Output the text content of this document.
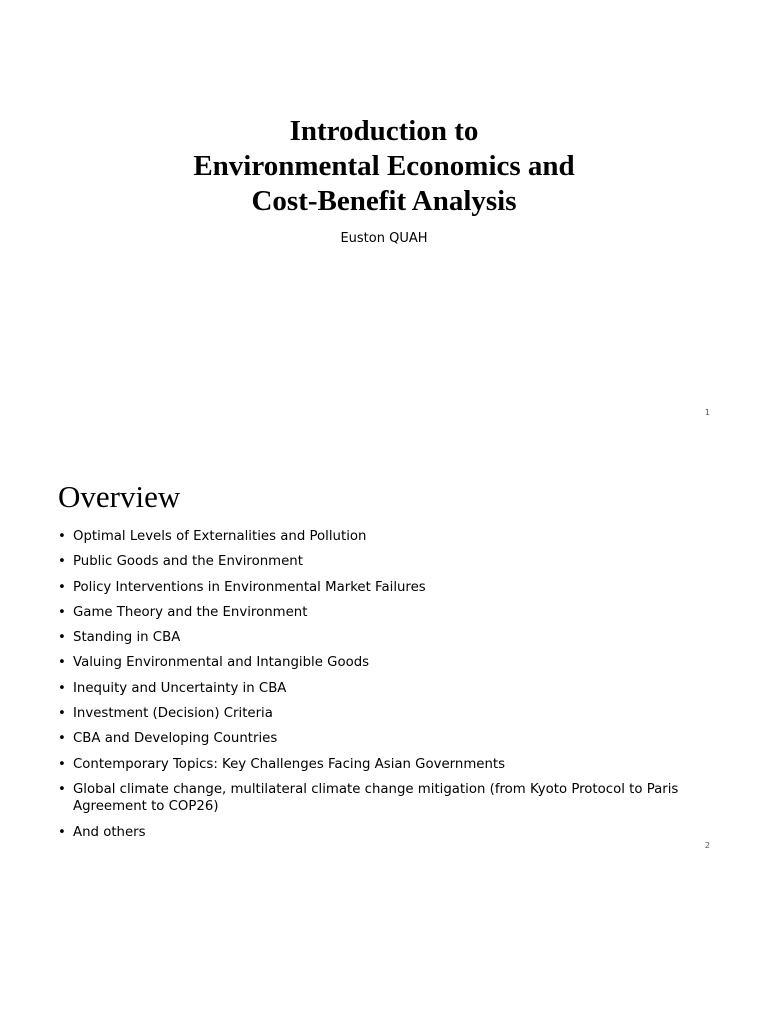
Introduction to
Environmental Economics and
Cost-Benefit Analysis
Euston QUAH
1
Overview
• Optimal Levels of Externalities and Pollution
• Public Goods and the Environment
• Policy Interventions in Environmental Market Failures
• Game Theory and the Environment
• Standing in CBA
• Valuing Environmental and Intangible Goods
• Inequity and Uncertainty in CBA
• Investment (Decision) Criteria
• CBA and Developing Countries
• Contemporary Topics: Key Challenges Facing Asian Governments
• Global climate change, multilateral climate change mitigation (from Kyoto Protocol to Paris Agreement to COP26)
• And others
2
